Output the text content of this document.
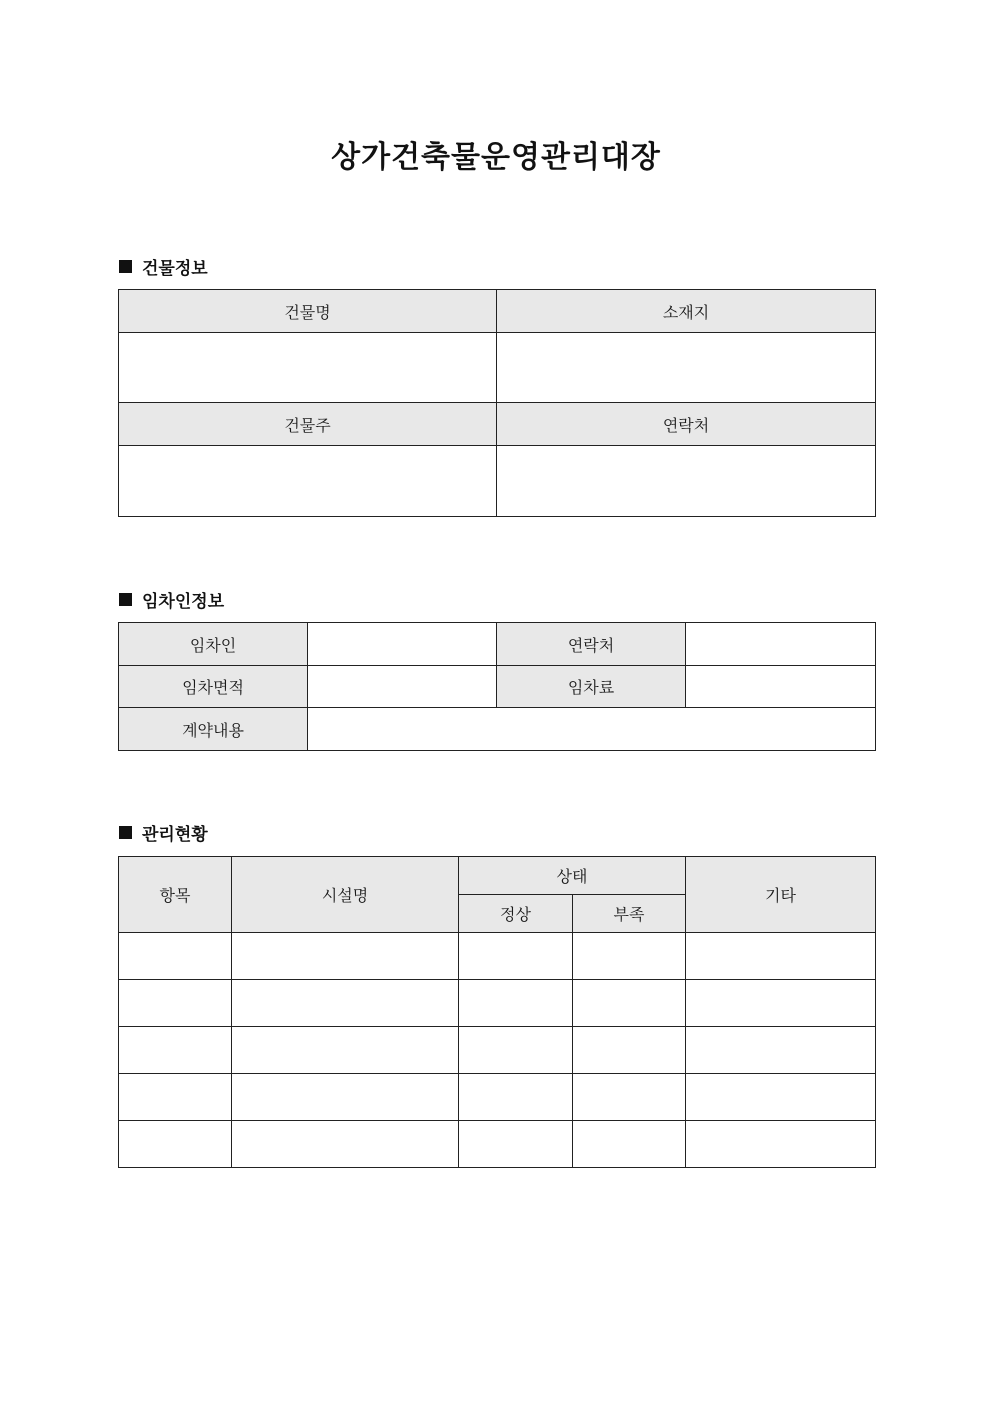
상가건축물운영관리대장
건물정보
건물명	소재지

건물주	연락처

임차인정보
임차인		연락처	
임차면적		임차료	
계약내용			
관리현황
항목	시설명	상태		기타
		정상	부족	
